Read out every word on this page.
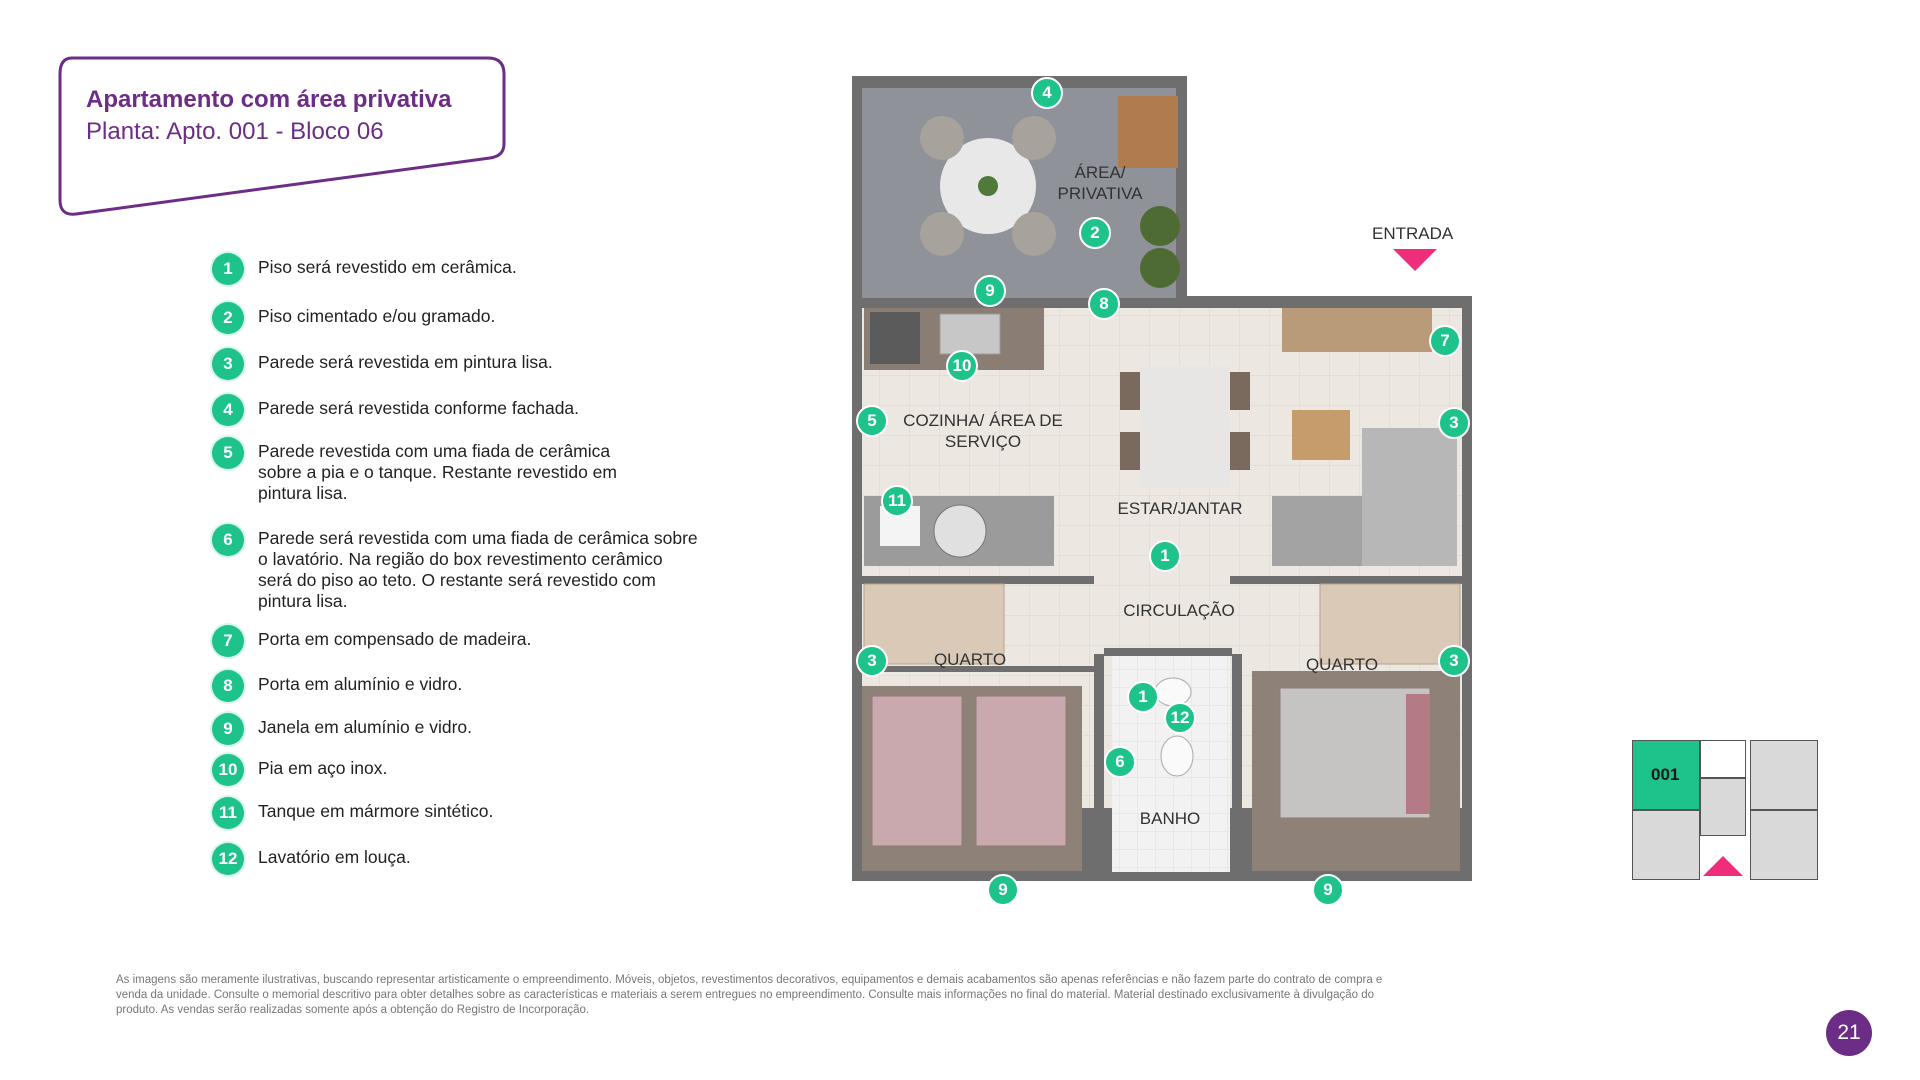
Apartamento com área privativa
Planta: Apto. 001 - Bloco 06
1	Piso será revestido em cerâmica.
2	Piso cimentado e/ou gramado.
3	Parede será revestida em pintura lisa.
4	Parede será revestida conforme fachada.
5	Parede revestida com uma fiada de cerâmica sobre a pia e o tanque. Restante revestido em pintura lisa.
6	Parede será revestida com uma fiada de cerâmica sobre o lavatório. Na região do box revestimento cerâmico será do piso ao teto. O restante será revestido com pintura lisa.
7	Porta em compensado de madeira.
8	Porta em alumínio e vidro.
9	Janela em alumínio e vidro.
10	Pia em aço inox.
11	Tanque em mármore sintético.
12	Lavatório em louça.
ÁREA/ PRIVATIVA
COZINHA/ ÁREA DE SERVIÇO
ESTAR/JANTAR
CIRCULAÇÃO
QUARTO	QUARTO
BANHO
4
2
9
8
7
10
5	3
11
1
3	3
1
12
6
9	9
ENTRADA
001
As imagens são meramente ilustrativas, buscando representar artisticamente o empreendimento. Móveis, objetos, revestimentos decorativos, equipamentos e demais acabamentos são apenas referências e não fazem parte do contrato de compra e venda da unidade. Consulte o memorial descritivo para obter detalhes sobre as características e materiais a serem entregues no empreendimento. Consulte mais informações no final do material. Material destinado exclusivamente à divulgação do produto. As vendas serão realizadas somente após a obtenção do Registro de Incorporação.
21
